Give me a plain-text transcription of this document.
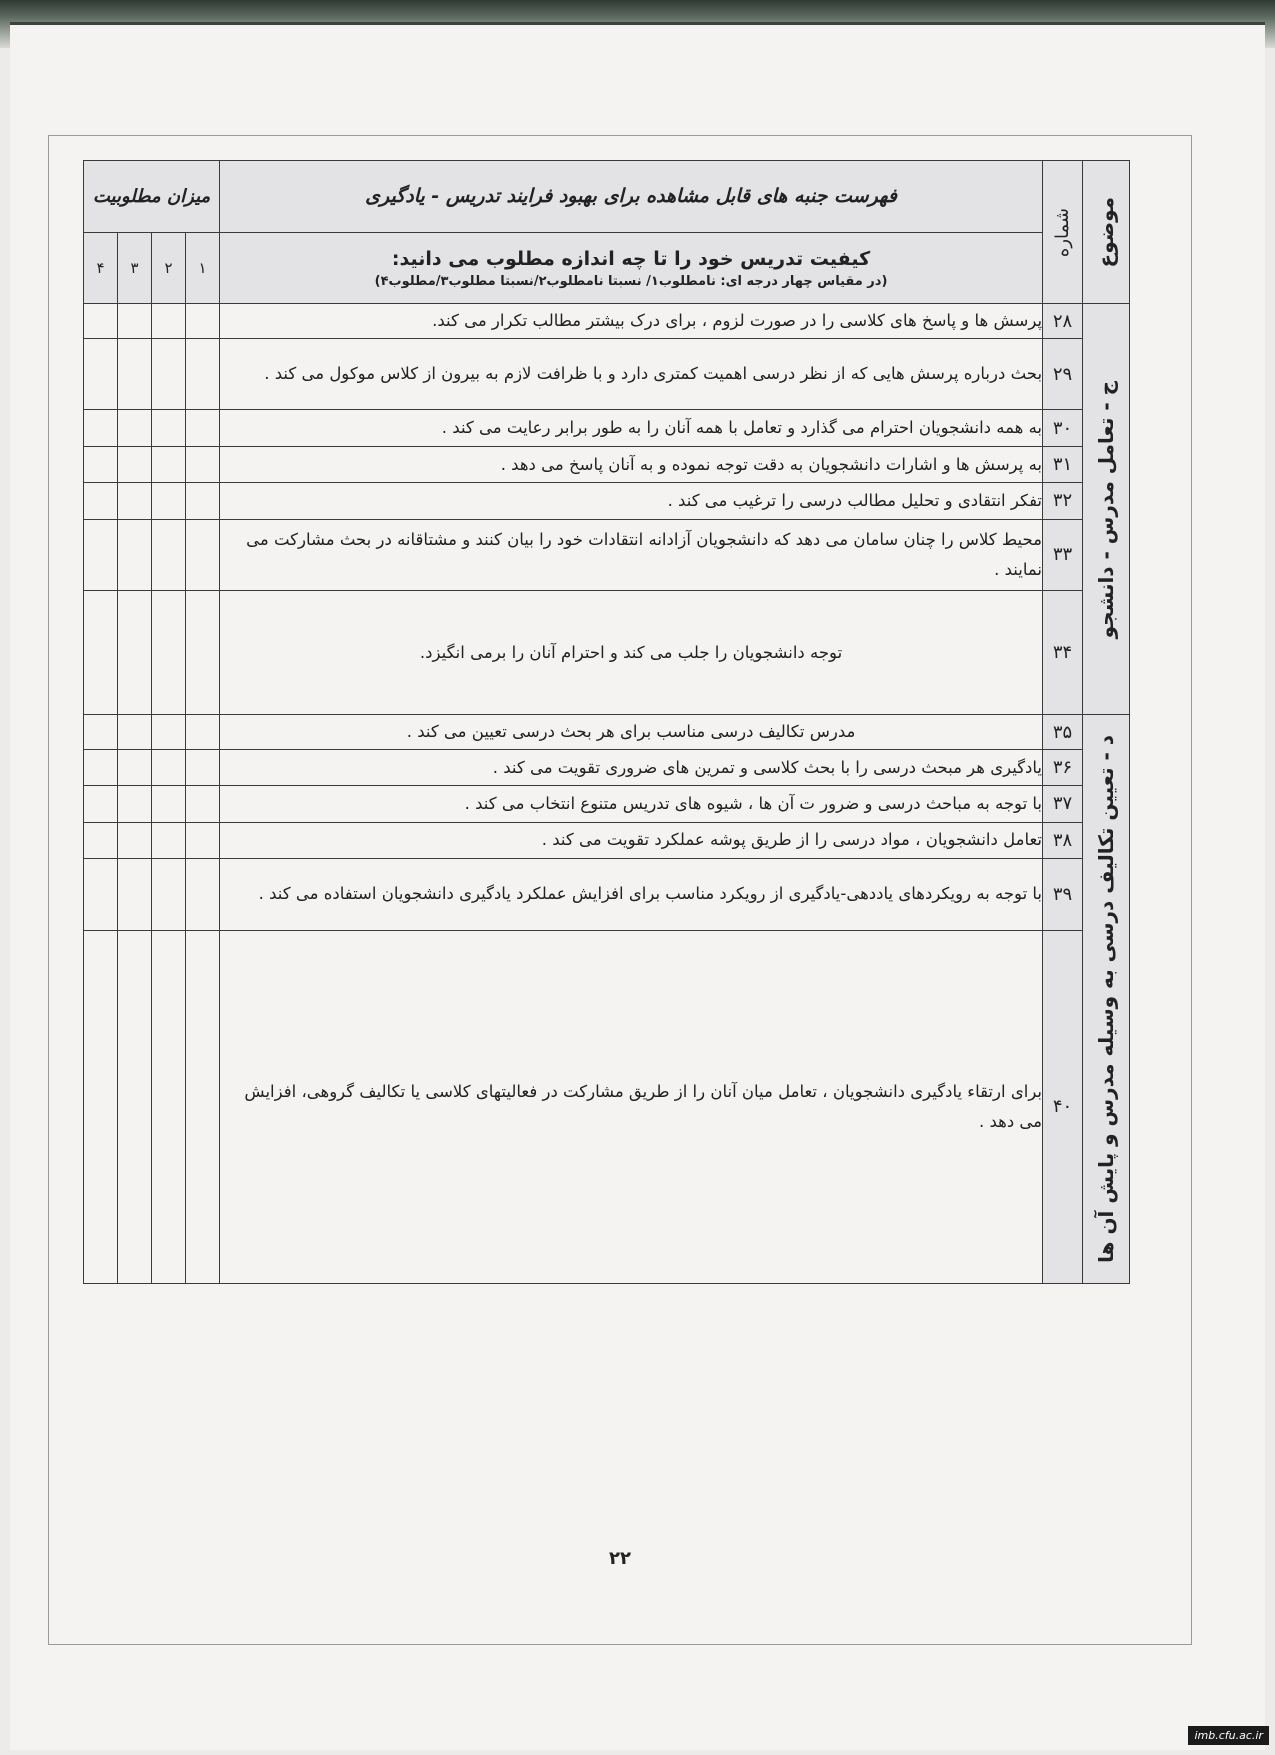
موضوع	شماره	فهرست جنبه های قابل مشاهده برای بهبود فرایند تدریس - یادگیری	میزان مطلوبیت			

		کیفیت تدریس خود را تا چه اندازه مطلوب می دانید:
(در مقیاس چهار درجه ای: نامطلوب۱/ نسبتا نامطلوب۲/نسبتا مطلوب۳/مطلوب۴)	۱	۲	۳	۴

ج - تعامل مدرس - دانشجو	۲۸	پرسش ها و پاسخ های کلاسی را در صورت لزوم ، برای درک بیشتر مطالب تکرار می کند.				
	۲۹	بحث درباره پرسش هایی که از نظر درسی اهمیت کمتری دارد و با ظرافت لازم به بیرون از کلاس موکول می کند .				
	۳۰	به همه دانشجویان احترام می گذارد و تعامل با همه آنان را به طور برابر رعایت می کند .				
	۳۱	به پرسش ها و اشارات دانشجویان به دقت توجه نموده و به آنان پاسخ می دهد .				
	۳۲	تفکر انتقادی و تحلیل مطالب درسی را ترغیب می کند .				
	۳۳	محیط کلاس را چنان سامان می دهد که دانشجویان آزادانه انتقادات خود را بیان کنند و مشتاقانه در بحث مشارکت می نمایند .				
	۳۴	توجه دانشجویان را جلب می کند و احترام آنان را برمی انگیزد.				

د - تعیین تکالیف درسی به وسیله مدرس و پایش آن ها	۳۵	مدرس تکالیف درسی مناسب برای هر بحث درسی تعیین می کند .				
	۳۶	یادگیری هر مبحث درسی را با بحث کلاسی و تمرین های ضروری تقویت می کند .				
	۳۷	با توجه به مباحث درسی و ضرور ت آن ها ، شیوه های تدریس متنوع انتخاب می کند .				
	۳۸	تعامل دانشجویان ، مواد درسی را از طریق پوشه عملکرد تقویت می کند .				
	۳۹	با توجه به رویکردهای یاددهی-یادگیری از رویکرد مناسب برای افزایش عملکرد یادگیری دانشجویان استفاده می کند .				
	۴۰	برای ارتقاء یادگیری دانشجویان ، تعامل میان آنان را از طریق مشارکت در فعالیتهای کلاسی یا تکالیف گروهی، افزایش می دهد .				
۲۲
imb.cfu.ac.ir
